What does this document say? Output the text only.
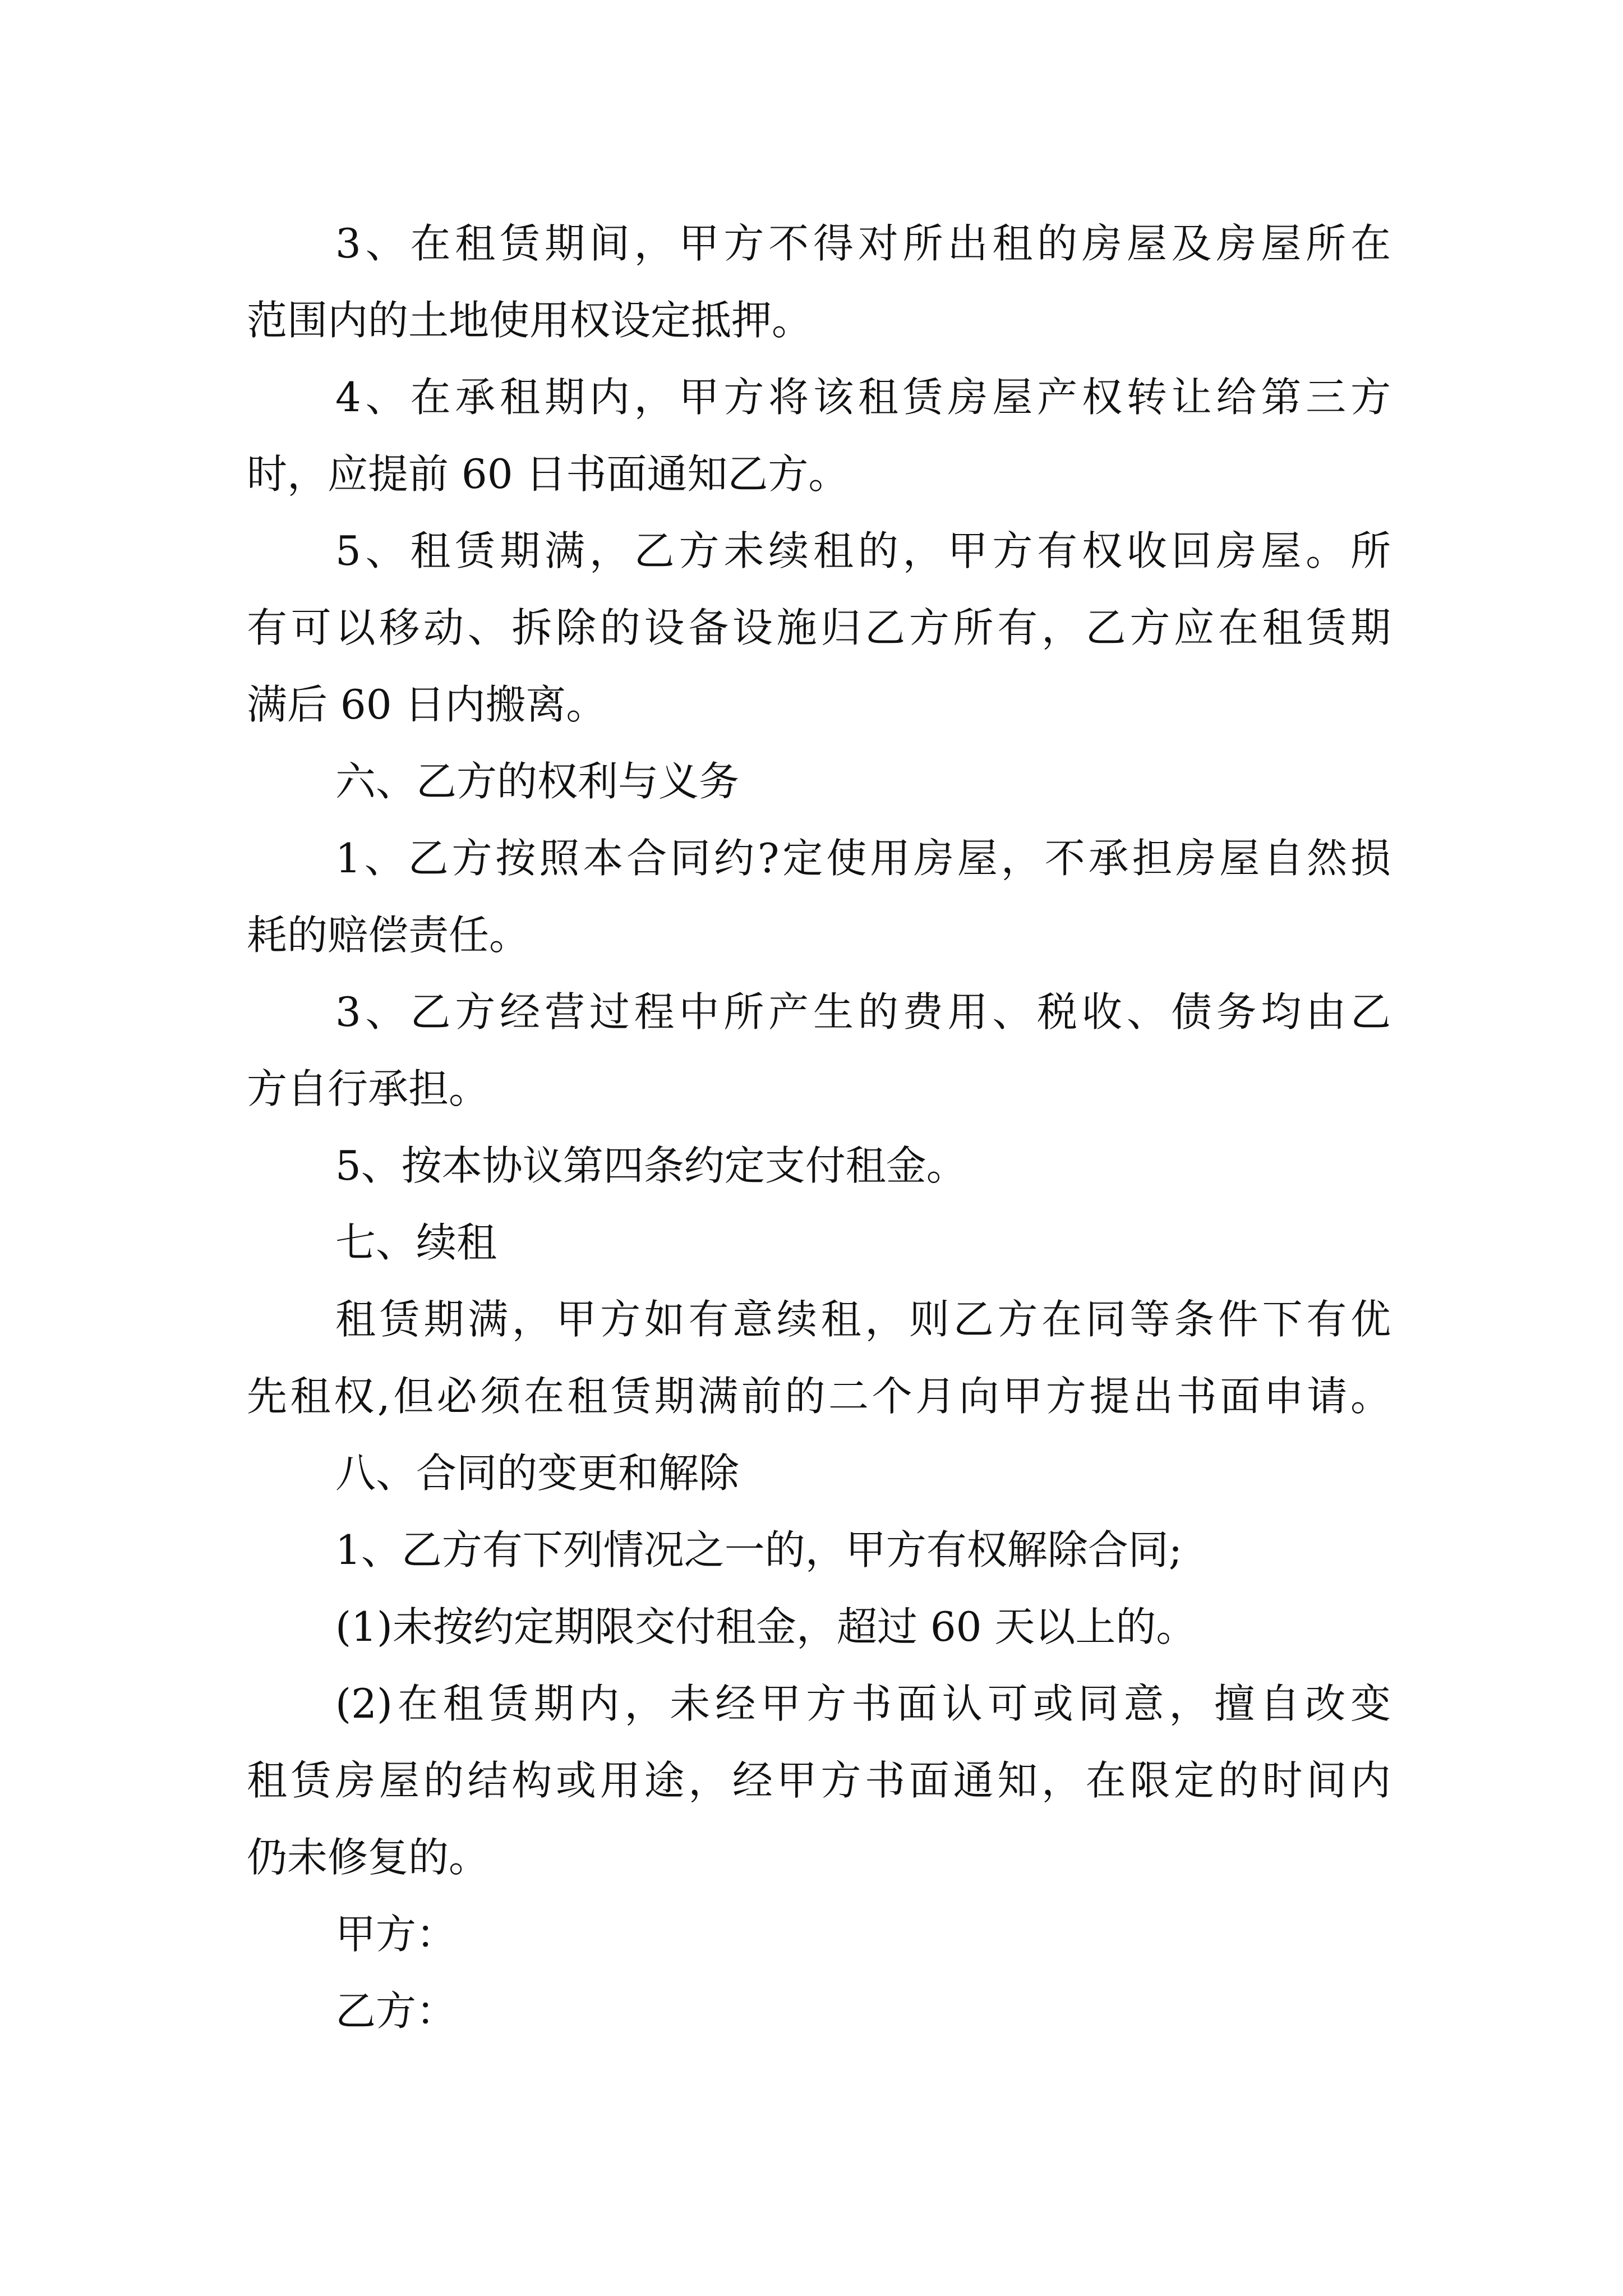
3、在租赁期间，甲方不得对所出租的房屋及房屋所在
范围内的土地使用权设定抵押。
4、在承租期内，甲方将该租赁房屋产权转让给第三方
时，应提前 60 日书面通知乙方。
5、租赁期满，乙方未续租的，甲方有权收回房屋。所
有可以移动、拆除的设备设施归乙方所有，乙方应在租赁期
满后 60 日内搬离。
六、乙方的权利与义务
1、乙方按照本合同约?定使用房屋，不承担房屋自然损
耗的赔偿责任。
3、乙方经营过程中所产生的费用、税收、债务均由乙
方自行承担。
5、按本协议第四条约定支付租金。
七、续租
租赁期满，甲方如有意续租，则乙方在同等条件下有优
先租权,但必须在租赁期满前的二个月向甲方提出书面申请。
八、合同的变更和解除
1、乙方有下列情况之一的，甲方有权解除合同;
(1)未按约定期限交付租金，超过 60 天以上的。
(2)在租赁期内，未经甲方书面认可或同意，擅自改变
租赁房屋的结构或用途，经甲方书面通知，在限定的时间内
仍未修复的。
甲方：
乙方：
